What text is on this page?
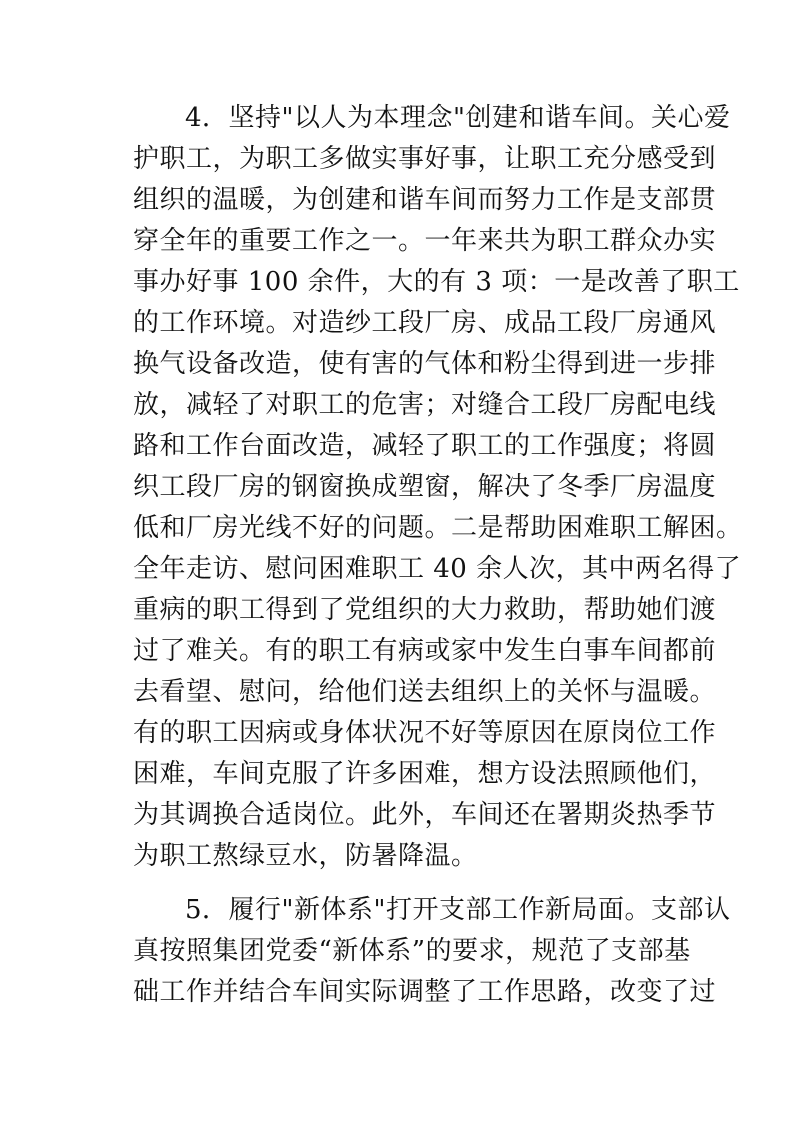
4．坚持"以人为本理念"创建和谐车间。关心爱
护职工，为职工多做实事好事，让职工充分感受到
组织的温暖，为创建和谐车间而努力工作是支部贯
穿全年的重要工作之一。一年来共为职工群众办实
事办好事 100 余件，大的有 3 项：一是改善了职工
的工作环境。对造纱工段厂房、成品工段厂房通风
换气设备改造，使有害的气体和粉尘得到进一步排
放，减轻了对职工的危害；对缝合工段厂房配电线
路和工作台面改造，减轻了职工的工作强度；将圆
织工段厂房的钢窗换成塑窗，解决了冬季厂房温度
低和厂房光线不好的问题。二是帮助困难职工解困。
全年走访、慰问困难职工 40 余人次，其中两名得了
重病的职工得到了党组织的大力救助，帮助她们渡
过了难关。有的职工有病或家中发生白事车间都前
去看望、慰问，给他们送去组织上的关怀与温暖。
有的职工因病或身体状况不好等原因在原岗位工作
困难，车间克服了许多困难，想方设法照顾他们，
为其调换合适岗位。此外，车间还在署期炎热季节
为职工熬绿豆水，防暑降温。
5．履行"新体系"打开支部工作新局面。支部认
真按照集团党委“新体系”的要求，规范了支部基
础工作并结合车间实际调整了工作思路，改变了过
